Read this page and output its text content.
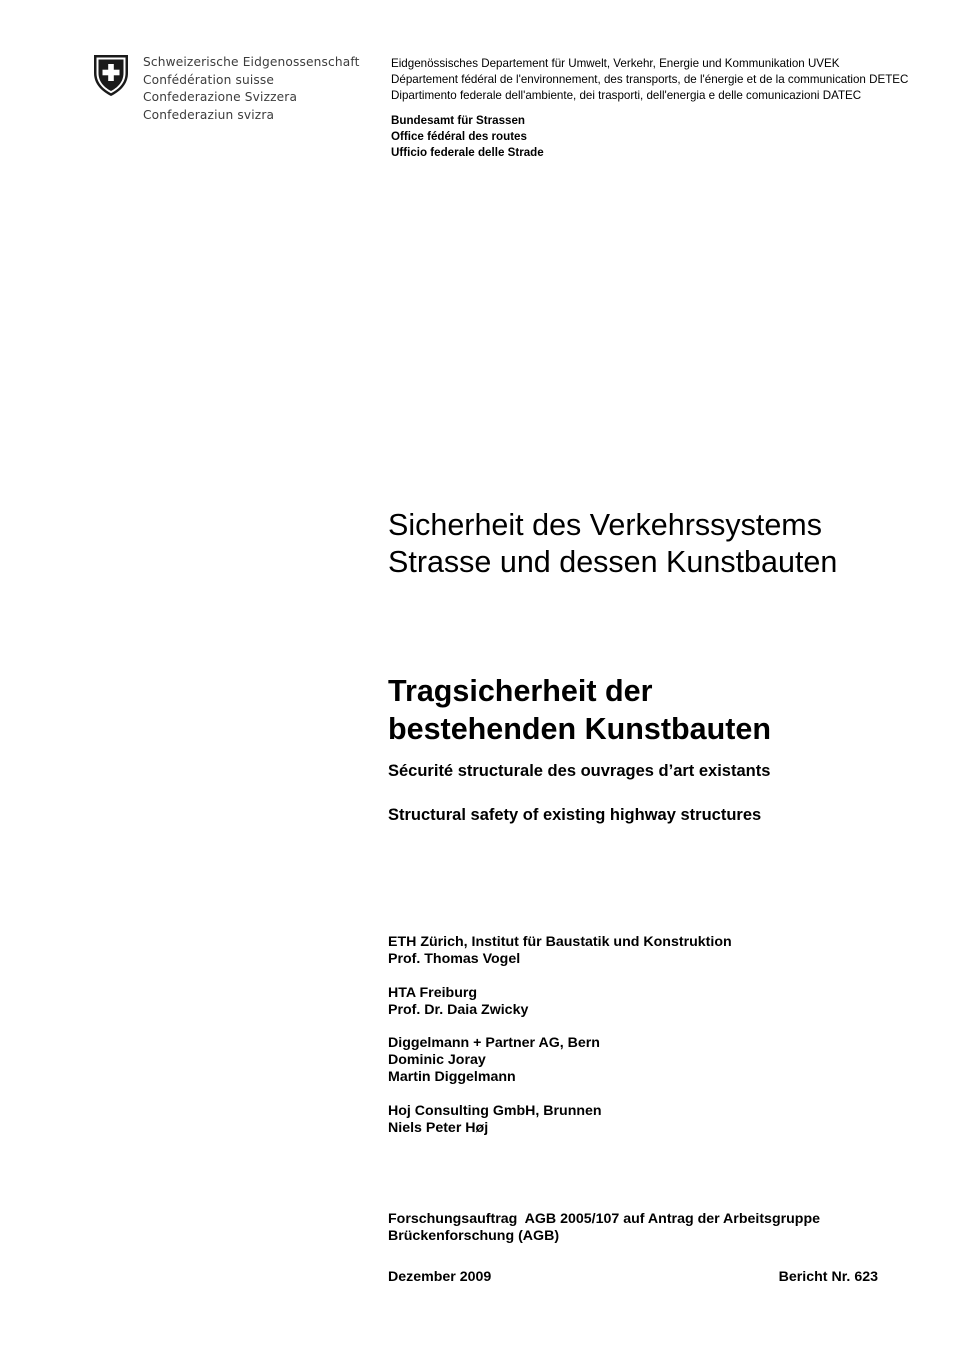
Schweizerische Eidgenossenschaft
Confédération suisse
Confederazione Svizzera
Confederaziun svizra
Eidgenössisches Departement für Umwelt, Verkehr, Energie und Kommunikation UVEK
Département fédéral de l'environnement, des transports, de l'énergie et de la communication DETEC
Dipartimento federale dell'ambiente, dei trasporti, dell'energia e delle comunicazioni DATEC
Bundesamt für Strassen
Office fédéral des routes
Ufficio federale delle Strade
Sicherheit des Verkehrssystems
Strasse und dessen Kunstbauten
Tragsicherheit der
bestehenden Kunstbauten
Sécurité structurale des ouvrages d’art existants
Structural safety of existing highway structures
ETH Zürich, Institut für Baustatik und Konstruktion
Prof. Thomas Vogel
HTA Freiburg
Prof. Dr. Daia Zwicky
Diggelmann + Partner AG, Bern
Dominic Joray
Martin Diggelmann
Hoj Consulting GmbH, Brunnen
Niels Peter Høj
Forschungsauftrag  AGB 2005/107 auf Antrag der Arbeitsgruppe
Brückenforschung (AGB)
Dezember 2009	Bericht Nr. 623
